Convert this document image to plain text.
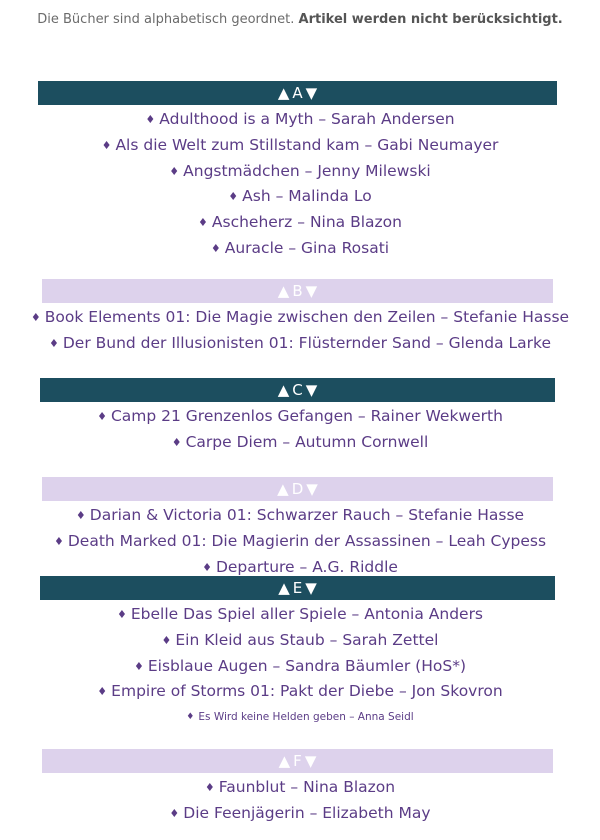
Die Bücher sind alphabetisch geordnet. Artikel werden nicht berücksichtigt.
▲ A ▼
♦ Adulthood is a Myth – Sarah Andersen
♦ Als die Welt zum Stillstand kam – Gabi Neumayer
♦ Angstmädchen – Jenny Milewski
♦ Ash – Malinda Lo
♦ Ascheherz – Nina Blazon
♦ Auracle – Gina Rosati
▲ B ▼
♦ Book Elements 01: Die Magie zwischen den Zeilen – Stefanie Hasse
♦ Der Bund der Illusionisten 01: Flüsternder Sand – Glenda Larke
▲ C ▼
♦ Camp 21 Grenzenlos Gefangen – Rainer Wekwerth
♦ Carpe Diem – Autumn Cornwell
▲ D ▼
♦ Darian & Victoria 01: Schwarzer Rauch – Stefanie Hasse
♦ Death Marked 01: Die Magierin der Assassinen – Leah Cypess
♦ Departure – A.G. Riddle
▲ E ▼
♦ Ebelle Das Spiel aller Spiele – Antonia Anders
♦ Ein Kleid aus Staub – Sarah Zettel
♦ Eisblaue Augen – Sandra Bäumler (HoS*)
♦ Empire of Storms 01: Pakt der Diebe – Jon Skovron
♦ Es Wird keine Helden geben – Anna Seidl
▲ F ▼
♦ Faunblut – Nina Blazon
♦ Die Feenjägerin – Elizabeth May
